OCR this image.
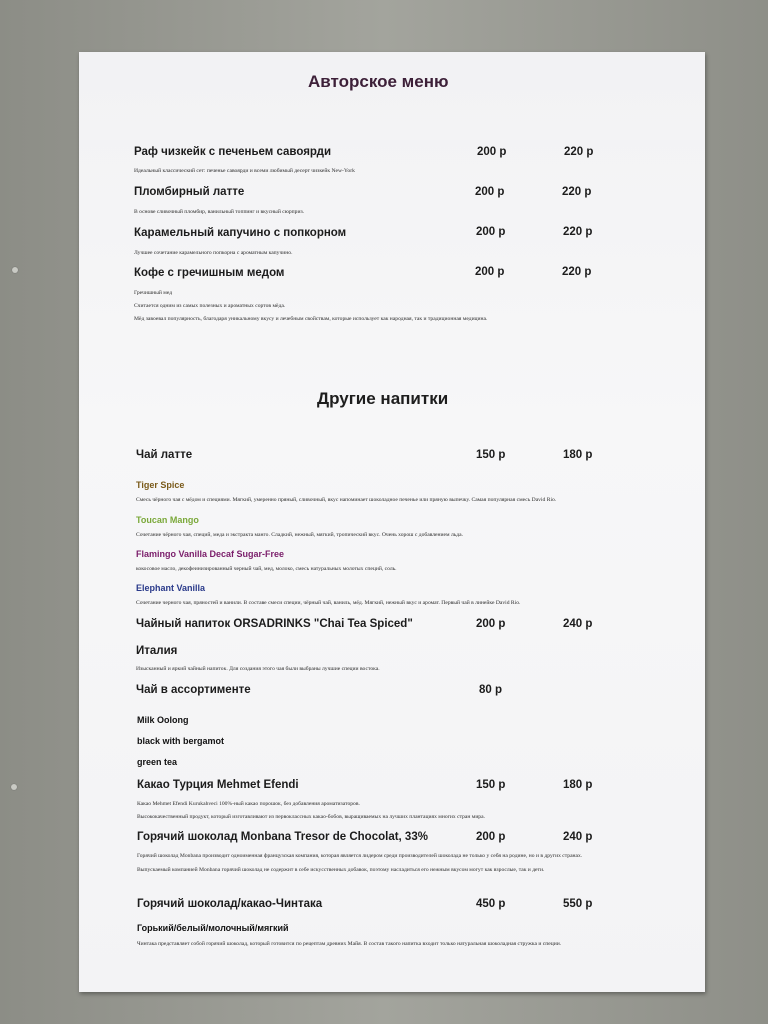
Авторское меню
Раф чизкейк с печеньем савоярди	200 р	220 р
Идеальный классический сет: печенье савоярди и всеми любимый десерт чизкейк New-York
Пломбирный латте	200 р	220 р
В основе сливочный пломбир, ванильный топпинг и вкусный сюрприз.
Карамельный капучино с попкорном	200 р	220 р
Лучшее сочетание карамельного попкорна с ароматным капучино.
Кофе с гречишным медом	200 р	220 р
Гречишный мед
Считается одним из самых полезных и ароматных сортов мёда.
Мёд завоевал популярность, благодаря уникальному вкусу и лечебным свойствам, которые использует как народная, так и традиционная медицина.
Другие напитки
Чай латте	150 р	180 р
Tiger Spice
Смесь чёрного чая с мёдом и специями. Мягкий, умеренно пряный, сливочный, вкус напоминает шоколадное печенье или пряную выпечку. Самая популярная смесь David Rio.
Toucan Mango
Сочетание чёрного чая, специй, меда и экстракта манго. Сладкий, нежный, мягкий, тропический вкус. Очень хорош с добавлением льда.
Flamingo Vanilla Decaf Sugar-Free
кокосовое масло, декофеинизированный черный чай, мед, молоко, смесь натуральных молотых специй, соль.
Elephant Vanilla
Сочетание черного чая, пряностей и ванили. В составе смеси специи, чёрный чай, ваниль, мёд. Мягкий, нежный вкус и аромат. Первый чай в линейке David Rio.
Чайный напиток ORSADRINKS "Chai Tea Spiced"	200 р	240 р
Италия
Изысканный и яркий чайный напиток. Для создания этого чая были выбраны лучшие специи востока.
Чай в ассортименте	80 р
Milk Oolong
black with bergamot
green tea
Какао Турция Mehmet Efendi	150 р	180 р
Какао Mehmet Efendi Kurukahveci 100%-ный какао порошок, без добавления ароматизаторов.
Высококачественный продукт, который изготавливают из первоклассных какао-бобов, выращиваемых на лучших плантациях многих стран мира.
Горячий шоколад Monbana Tresor de Chocolat, 33%	200 р	240 р
Горячий шоколад Monbana производит одноименная французская компания, которая является лидером среди производителей шоколада не только у себя на родине, но и в других странах.
Выпускаемый компанией Monbana горячий шоколад не содержит в себе искусственных добавок, поэтому насладиться его нежным вкусом могут как взрослые, так и дети.
Горячий шоколад/какао-Чинтака	450 р	550 р
Горький/белый/молочный/мягкий
Чинтака представляет собой горячий шоколад, который готовится по рецептам древних Майя. В состав такого напитка входит только натуральная шоколадная стружка и специи.
